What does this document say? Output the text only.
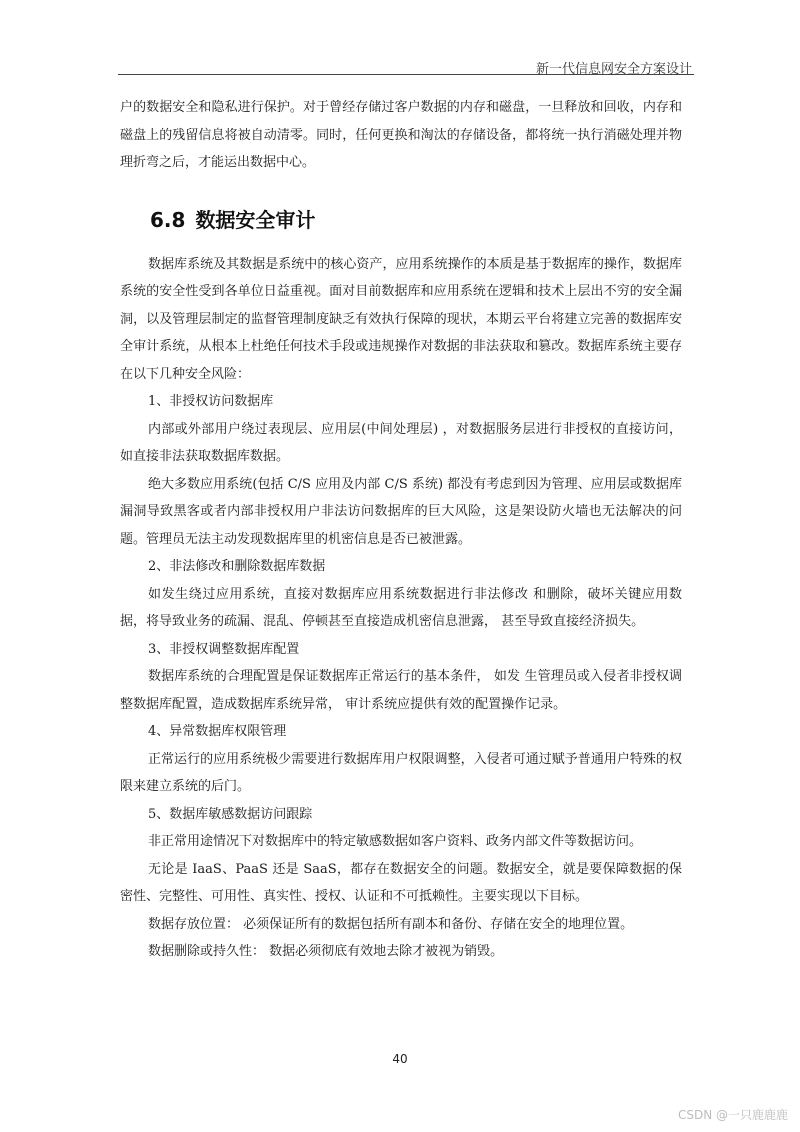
新一代信息网安全方案设计

户的数据安全和隐私进行保护。对于曾经存储过客户数据的内存和磁盘，一旦释放和回收，内存和磁盘上的残留信息将被自动清零。同时，任何更换和淘汰的存储设备，都将统一执行消磁处理并物理折弯之后，才能运出数据中心。

6.8 数据安全审计

数据库系统及其数据是系统中的核心资产，应用系统操作的本质是基于数据库的操作，数据库系统的安全性受到各单位日益重视。面对目前数据库和应用系统在逻辑和技术上层出不穷的安全漏洞，以及管理层制定的监督管理制度缺乏有效执行保障的现状，本期云平台将建立完善的数据库安全审计系统，从根本上杜绝任何技术手段或违规操作对数据的非法获取和篡改。数据库系统主要存在以下几种安全风险：

1、非授权访问数据库

内部或外部用户绕过表现层、应用层(中间处理层) ，对数据服务层进行非授权的直接访问， 如直接非法获取数据库数据。

绝大多数应用系统(包括 C/S 应用及内部 C/S 系统) 都没有考虑到因为管理、应用层或数据库漏洞导致黑客或者内部非授权用户非法访问数据库的巨大风险，这是架设防火墙也无法解决的问题。管理员无法主动发现数据库里的机密信息是否已被泄露。

2、非法修改和删除数据库数据

如发生绕过应用系统，直接对数据库应用系统数据进行非法修改 和删除，破坏关键应用数据，将导致业务的疏漏、混乱、停顿甚至直接造成机密信息泄露， 甚至导致直接经济损失。

3、非授权调整数据库配置

数据库系统的合理配置是保证数据库正常运行的基本条件， 如发 生管理员或入侵者非授权调整数据库配置，造成数据库系统异常， 审计系统应提供有效的配置操作记录。

4、异常数据库权限管理

正常运行的应用系统极少需要进行数据库用户权限调整，入侵者可通过赋予普通用户特殊的权限来建立系统的后门。

5、数据库敏感数据访问跟踪

非正常用途情况下对数据库中的特定敏感数据如客户资料、政务内部文件等数据访问。

无论是 IaaS、PaaS 还是 SaaS，都存在数据安全的问题。数据安全，就是要保障数据的保密性、完整性、可用性、真实性、授权、认证和不可抵赖性。主要实现以下目标。

数据存放位置： 必须保证所有的数据包括所有副本和备份、存储在安全的地理位置。

数据删除或持久性： 数据必须彻底有效地去除才被视为销毁。

40
CSDN @一只鹿鹿鹿
